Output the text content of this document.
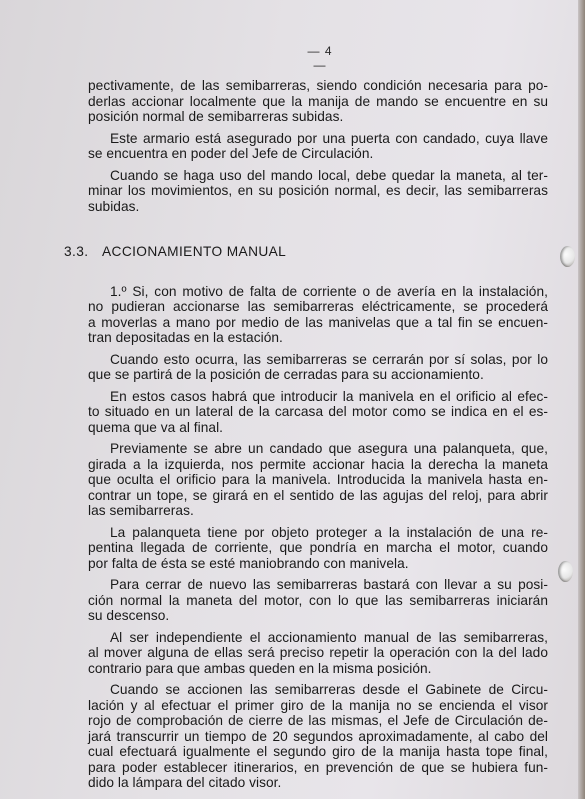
— 4 —
pectivamente, de las semibarreras, siendo condición necesaria para po-
derlas accionar localmente que la manija de mando se encuentre en su
posición normal de semibarreras subidas.
Este armario está asegurado por una puerta con candado, cuya llave
se encuentra en poder del Jefe de Circulación.
Cuando se haga uso del mando local, debe quedar la maneta, al ter-
minar los movimientos, en su posición normal, es decir, las semibarreras
subidas.
3.3. ACCIONAMIENTO MANUAL
1.º Si, con motivo de falta de corriente o de avería en la instalación,
no pudieran accionarse las semibarreras eléctricamente, se procederá
a moverlas a mano por medio de las manivelas que a tal fin se encuen-
tran depositadas en la estación.
Cuando esto ocurra, las semibarreras se cerrarán por sí solas, por lo
que se partirá de la posición de cerradas para su accionamiento.
En estos casos habrá que introducir la manivela en el orificio al efec-
to situado en un lateral de la carcasa del motor como se indica en el es-
quema que va al final.
Previamente se abre un candado que asegura una palanqueta, que,
girada a la izquierda, nos permite accionar hacia la derecha la maneta
que oculta el orificio para la manivela. Introducida la manivela hasta en-
contrar un tope, se girará en el sentido de las agujas del reloj, para abrir
las semibarreras.
La palanqueta tiene por objeto proteger a la instalación de una re-
pentina llegada de corriente, que pondría en marcha el motor, cuando
por falta de ésta se esté maniobrando con manivela.
Para cerrar de nuevo las semibarreras bastará con llevar a su posi-
ción normal la maneta del motor, con lo que las semibarreras iniciarán
su descenso.
Al ser independiente el accionamiento manual de las semibarreras,
al mover alguna de ellas será preciso repetir la operación con la del lado
contrario para que ambas queden en la misma posición.
Cuando se accionen las semibarreras desde el Gabinete de Circu-
lación y al efectuar el primer giro de la manija no se encienda el visor
rojo de comprobación de cierre de las mismas, el Jefe de Circulación de-
jará transcurrir un tiempo de 20 segundos aproximadamente, al cabo del
cual efectuará igualmente el segundo giro de la manija hasta tope final,
para poder establecer itinerarios, en prevención de que se hubiera fun-
dido la lámpara del citado visor.
